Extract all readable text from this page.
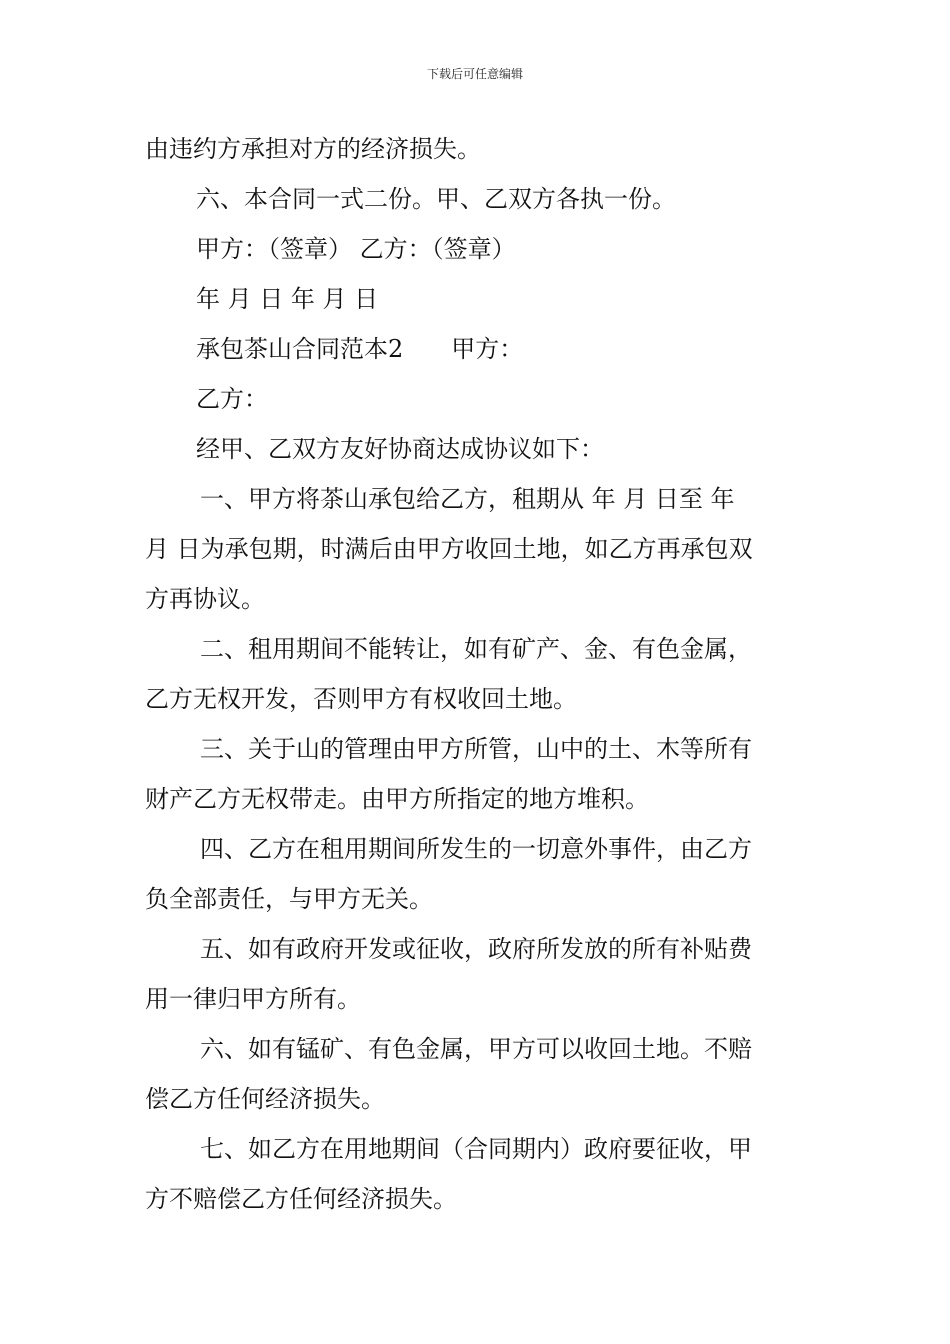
下载后可任意编辑
由违约方承担对方的经济损失。
六、本合同一式二份。甲、乙双方各执一份。
甲方：（签章） 乙方：（签章）
年 月 日 年 月 日
承包茶山合同范本2　　甲方：
乙方：
经甲、乙双方友好协商达成协议如下：
一、甲方将茶山承包给乙方，租期从 年 月 日至 年
月 日为承包期，时满后由甲方收回土地，如乙方再承包双
方再协议。
二、租用期间不能转让，如有矿产、金、有色金属，
乙方无权开发，否则甲方有权收回土地。
三、关于山的管理由甲方所管，山中的土、木等所有
财产乙方无权带走。由甲方所指定的地方堆积。
四、乙方在租用期间所发生的一切意外事件，由乙方
负全部责任，与甲方无关。
五、如有政府开发或征收，政府所发放的所有补贴费
用一律归甲方所有。
六、如有锰矿、有色金属，甲方可以收回土地。不赔
偿乙方任何经济损失。
七、如乙方在用地期间（合同期内）政府要征收，甲
方不赔偿乙方任何经济损失。
